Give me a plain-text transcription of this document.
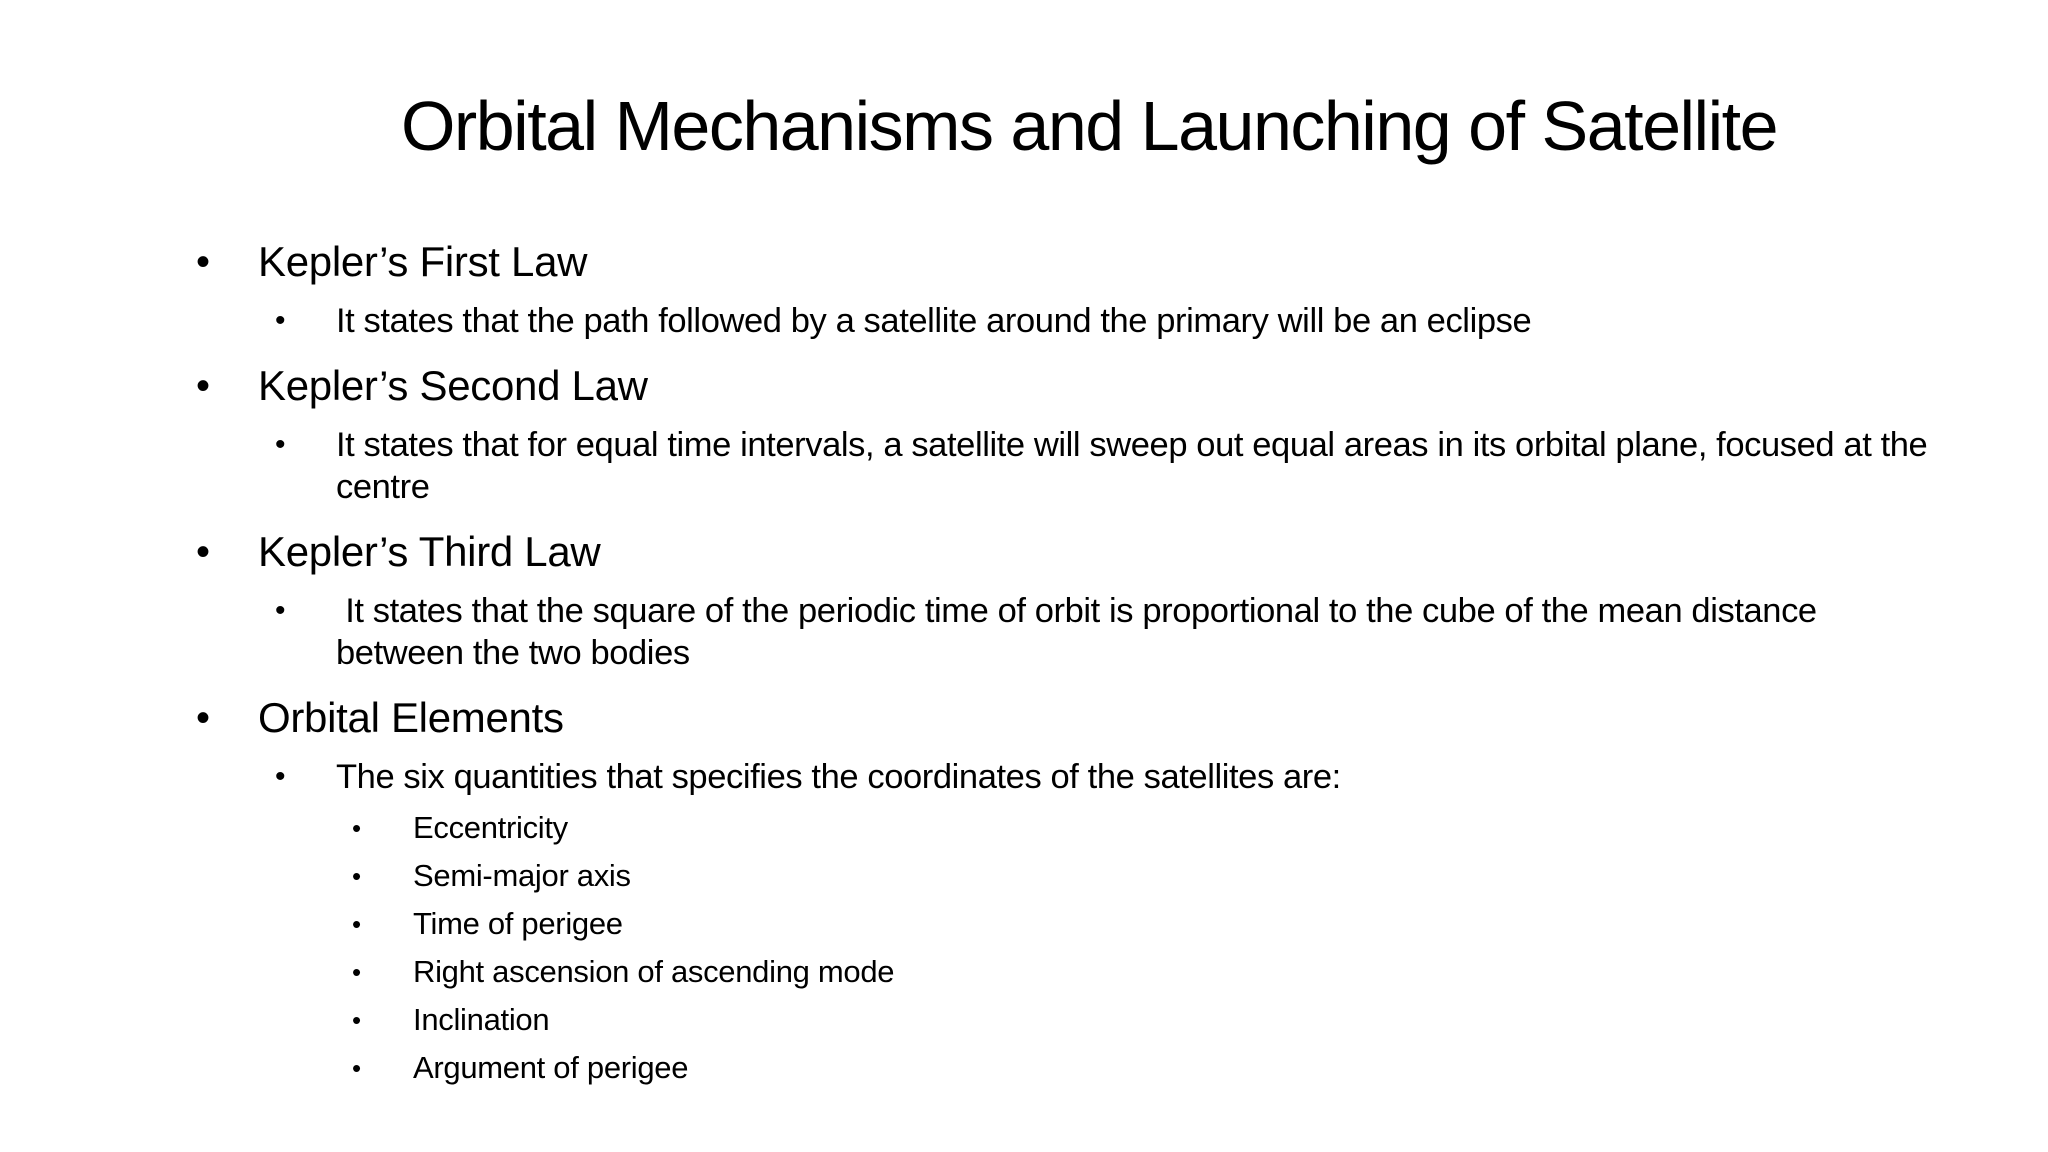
Orbital Mechanisms and Launching of Satellite
• Kepler’s First Law
• It states that the path followed by a satellite around the primary will be an eclipse
• Kepler’s Second Law
• It states that for equal time intervals, a satellite will sweep out equal areas in its orbital plane, focused at the centre
• Kepler’s Third Law
• It states that the square of the periodic time of orbit is proportional to the cube of the mean distance between the two bodies
• Orbital Elements
• The six quantities that specifies the coordinates of the satellites are:
• Eccentricity
• Semi-major axis
• Time of perigee
• Right ascension of ascending mode
• Inclination
• Argument of perigee
